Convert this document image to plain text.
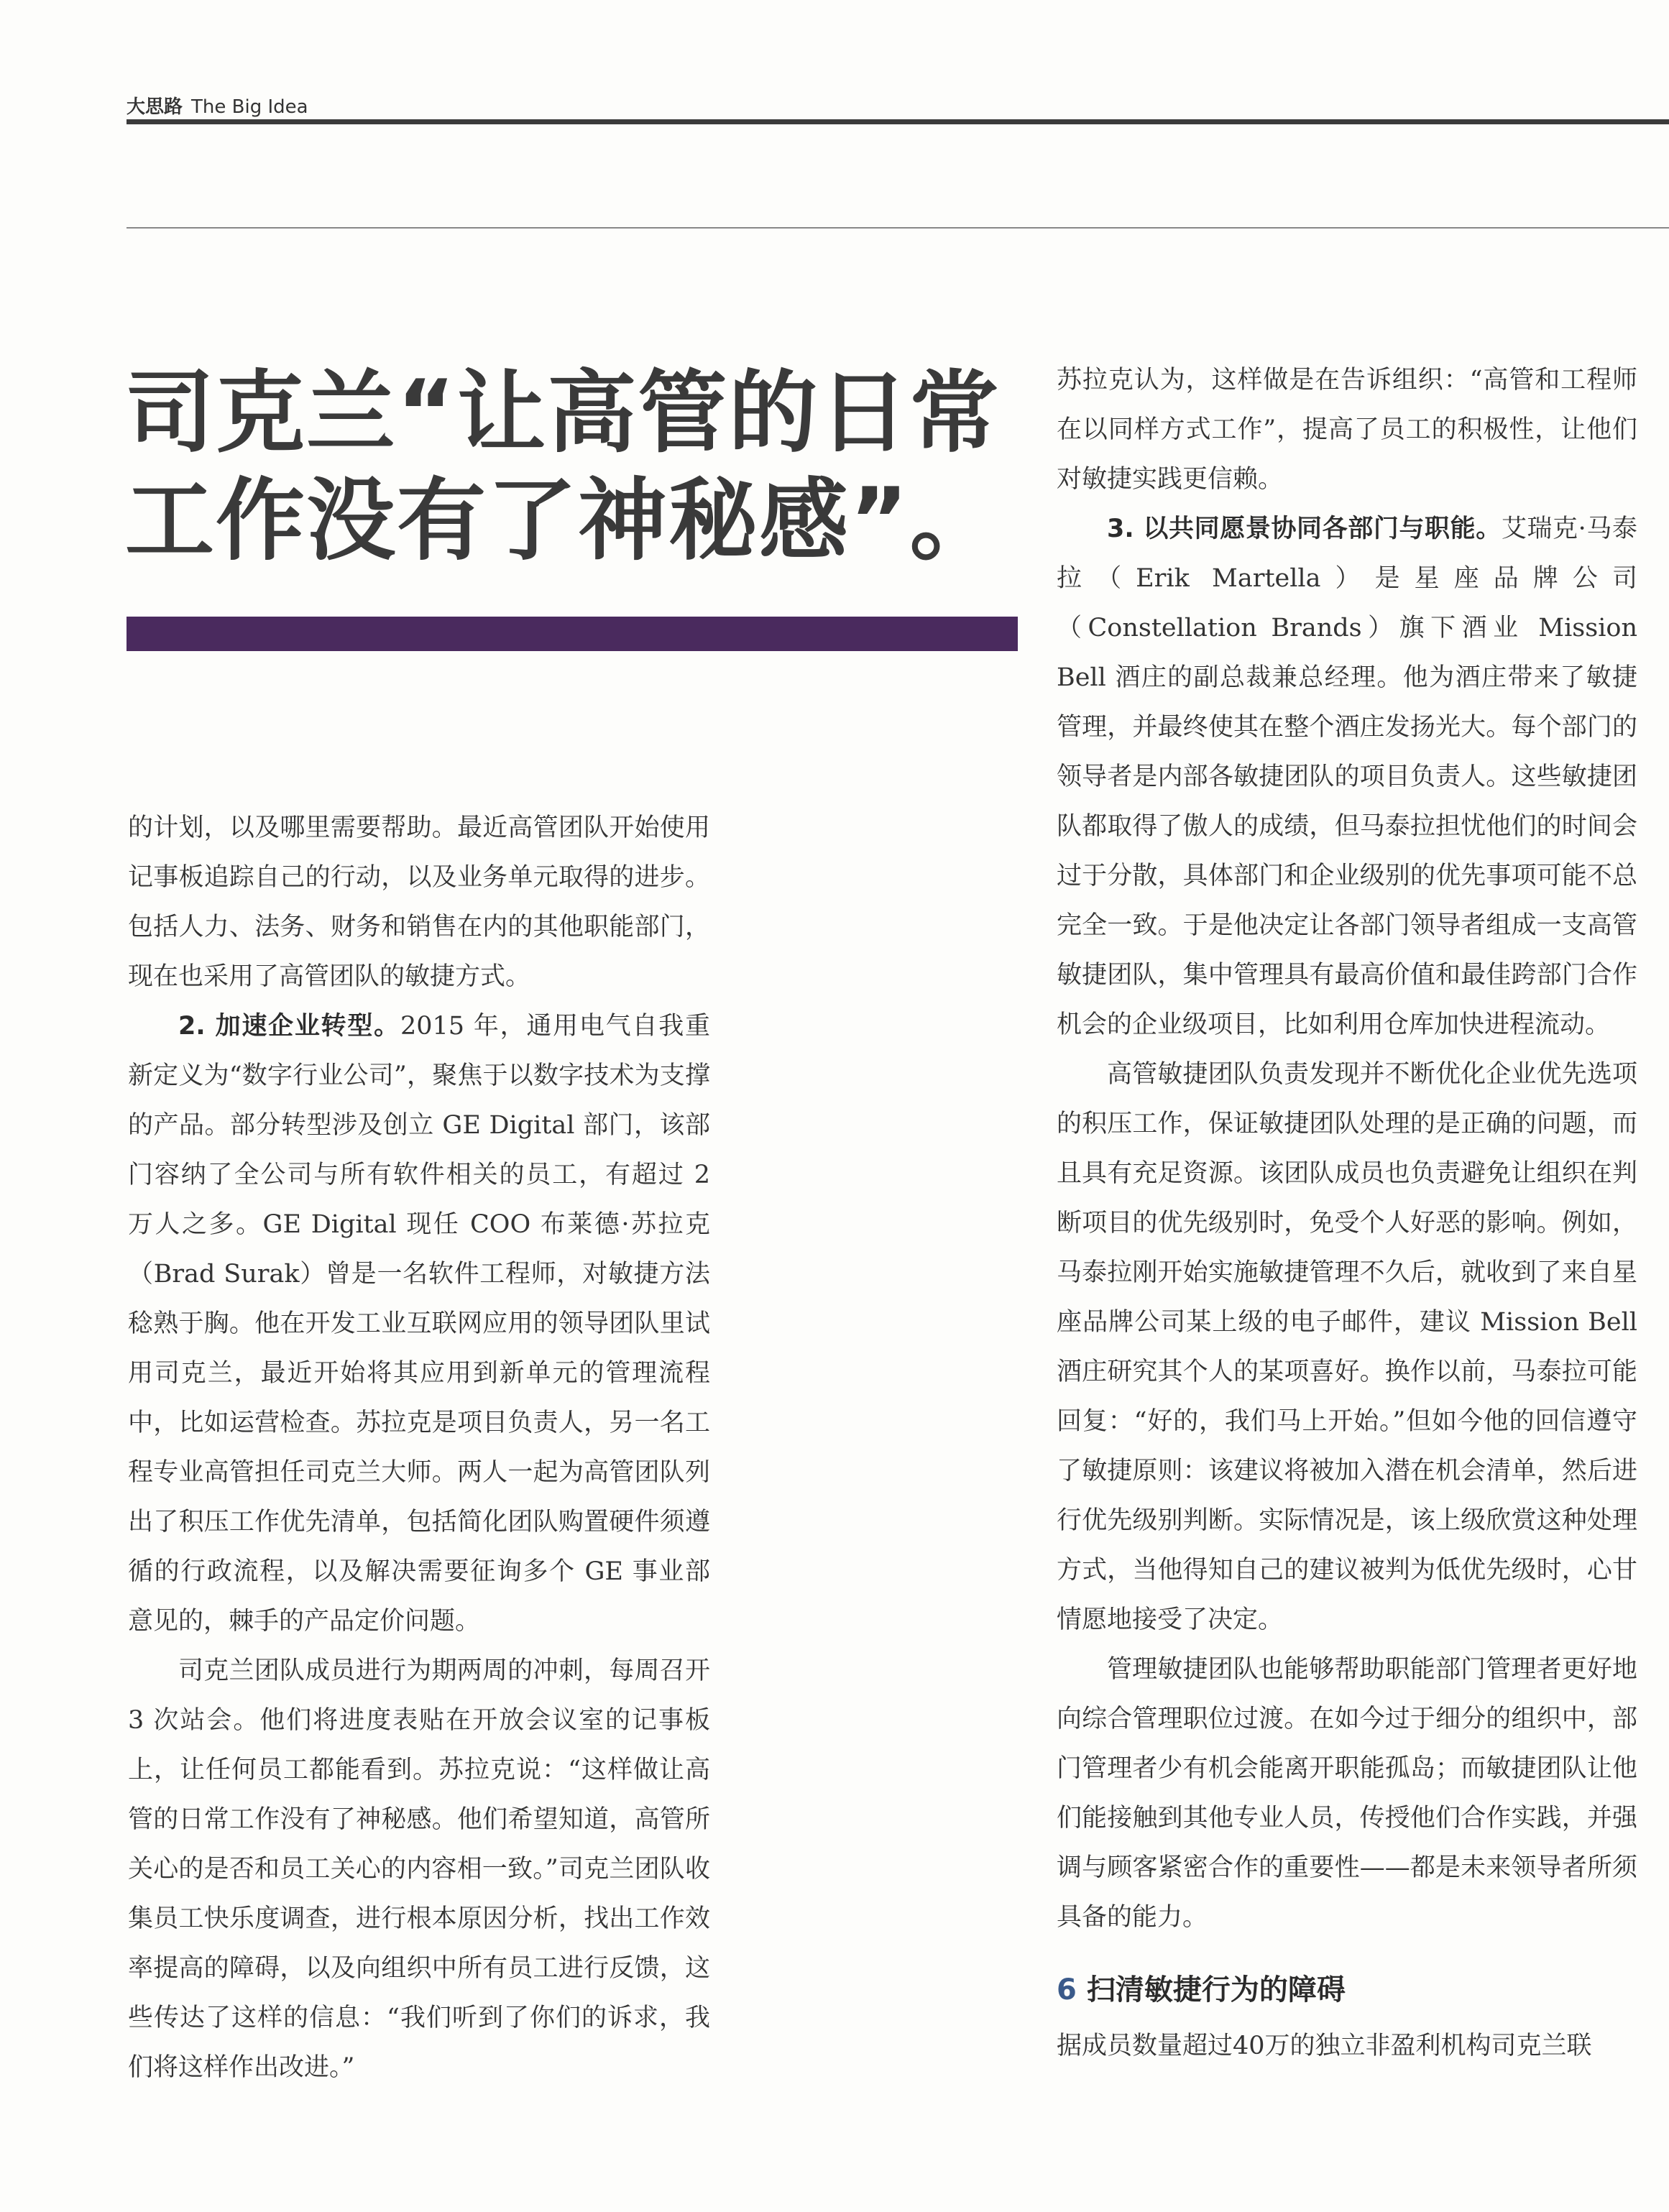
大思路 The Big Idea
司克兰“让高管的日常
工作没有了神秘感”。

的计划，以及哪里需要帮助。最近高管团队开始使用记事板追踪自己的行动，以及业务单元取得的进步。包括人力、法务、财务和销售在内的其他职能部门，现在也采用了高管团队的敏捷方式。

2. 加速企业转型。2015 年，通用电气自我重新定义为“数字行业公司”，聚焦于以数字技术为支撑的产品。部分转型涉及创立 GE Digital 部门，该部门容纳了全公司与所有软件相关的员工，有超过 2 万人之多。GE Digital 现任 COO 布莱德·苏拉克（Brad Surak）曾是一名软件工程师，对敏捷方法稔熟于胸。他在开发工业互联网应用的领导团队里试用司克兰，最近开始将其应用到新单元的管理流程中，比如运营检查。苏拉克是项目负责人，另一名工程专业高管担任司克兰大师。两人一起为高管团队列出了积压工作优先清单，包括简化团队购置硬件须遵循的行政流程，以及解决需要征询多个 GE 事业部意见的，棘手的产品定价问题。

司克兰团队成员进行为期两周的冲刺，每周召开 3 次站会。他们将进度表贴在开放会议室的记事板上，让任何员工都能看到。苏拉克说：“这样做让高管的日常工作没有了神秘感。他们希望知道，高管所关心的是否和员工关心的内容相一致。”司克兰团队收集员工快乐度调查，进行根本原因分析，找出工作效率提高的障碍，以及向组织中所有员工进行反馈，这些传达了这样的信息：“我们听到了你们的诉求，我们将这样作出改进。”

苏拉克认为，这样做是在告诉组织：“高管和工程师在以同样方式工作”，提高了员工的积极性，让他们对敏捷实践更信赖。

3. 以共同愿景协同各部门与职能。艾瑞克·马泰拉（Erik Martella）是星座品牌公司（Constellation Brands）旗下酒业 Mission Bell 酒庄的副总裁兼总经理。他为酒庄带来了敏捷管理，并最终使其在整个酒庄发扬光大。每个部门的领导者是内部各敏捷团队的项目负责人。这些敏捷团队都取得了傲人的成绩，但马泰拉担忧他们的时间会过于分散，具体部门和企业级别的优先事项可能不总完全一致。于是他决定让各部门领导者组成一支高管敏捷团队，集中管理具有最高价值和最佳跨部门合作机会的企业级项目，比如利用仓库加快进程流动。

高管敏捷团队负责发现并不断优化企业优先选项的积压工作，保证敏捷团队处理的是正确的问题，而且具有充足资源。该团队成员也负责避免让组织在判断项目的优先级别时，免受个人好恶的影响。例如，马泰拉刚开始实施敏捷管理不久后，就收到了来自星座品牌公司某上级的电子邮件，建议 Mission Bell 酒庄研究其个人的某项喜好。换作以前，马泰拉可能回复：“好的，我们马上开始。”但如今他的回信遵守了敏捷原则：该建议将被加入潜在机会清单，然后进行优先级别判断。实际情况是，该上级欣赏这种处理方式，当他得知自己的建议被判为低优先级时，心甘情愿地接受了决定。

管理敏捷团队也能够帮助职能部门管理者更好地向综合管理职位过渡。在如今过于细分的组织中，部门管理者少有机会能离开职能孤岛；而敏捷团队让他们能接触到其他专业人员，传授他们合作实践，并强调与顾客紧密合作的重要性——都是未来领导者所须具备的能力。

6 扫清敏捷行为的障碍

据成员数量超过40万的独立非盈利机构司克兰联
